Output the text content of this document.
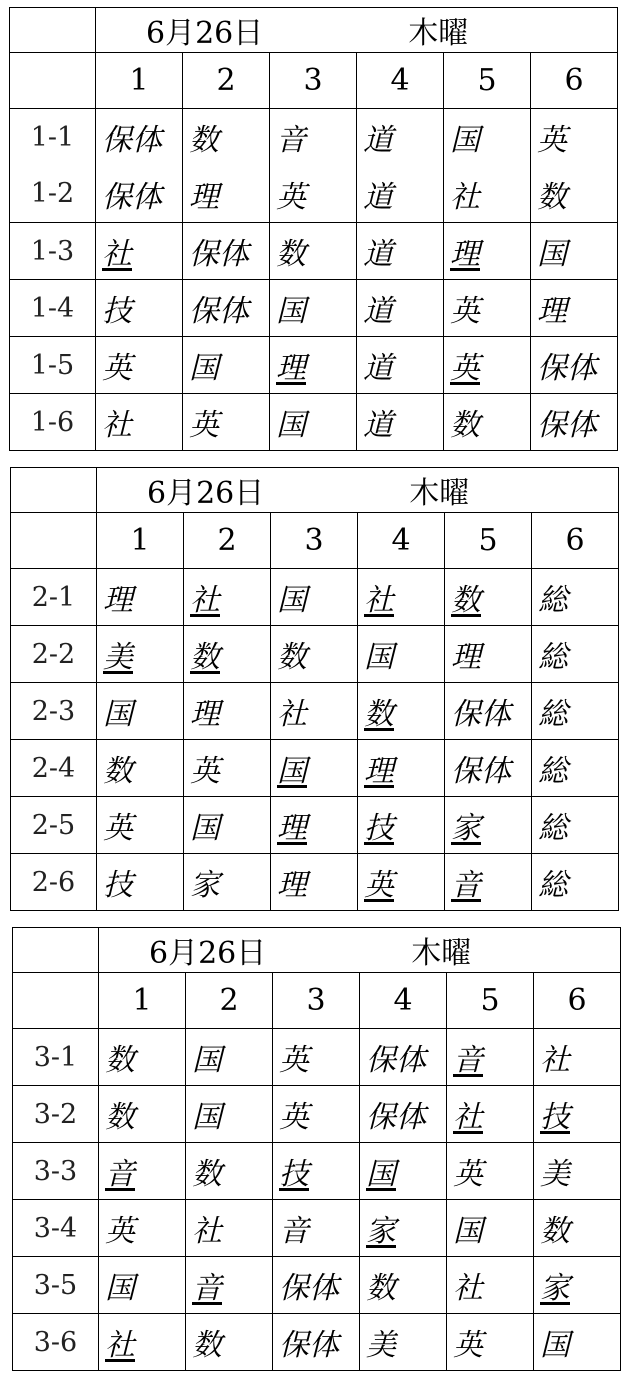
	6月26日 木曜					
	1	2	3	4	5	6
1-1	保体	数	音	道	国	英
1-2	保体	理	英	道	社	数
1-3	社	保体	数	道	理	国
1-4	技	保体	国	道	英	理
1-5	英	国	理	道	英	保体
1-6	社	英	国	道	数	保体
	6月26日 木曜					
	1	2	3	4	5	6
2-1	理	社	国	社	数	総
2-2	美	数	数	国	理	総
2-3	国	理	社	数	保体	総
2-4	数	英	国	理	保体	総
2-5	英	国	理	技	家	総
2-6	技	家	理	英	音	総
	6月26日 木曜					
	1	2	3	4	5	6
3-1	数	国	英	保体	音	社
3-2	数	国	英	保体	社	技
3-3	音	数	技	国	英	美
3-4	英	社	音	家	国	数
3-5	国	音	保体	数	社	家
3-6	社	数	保体	美	英	国
